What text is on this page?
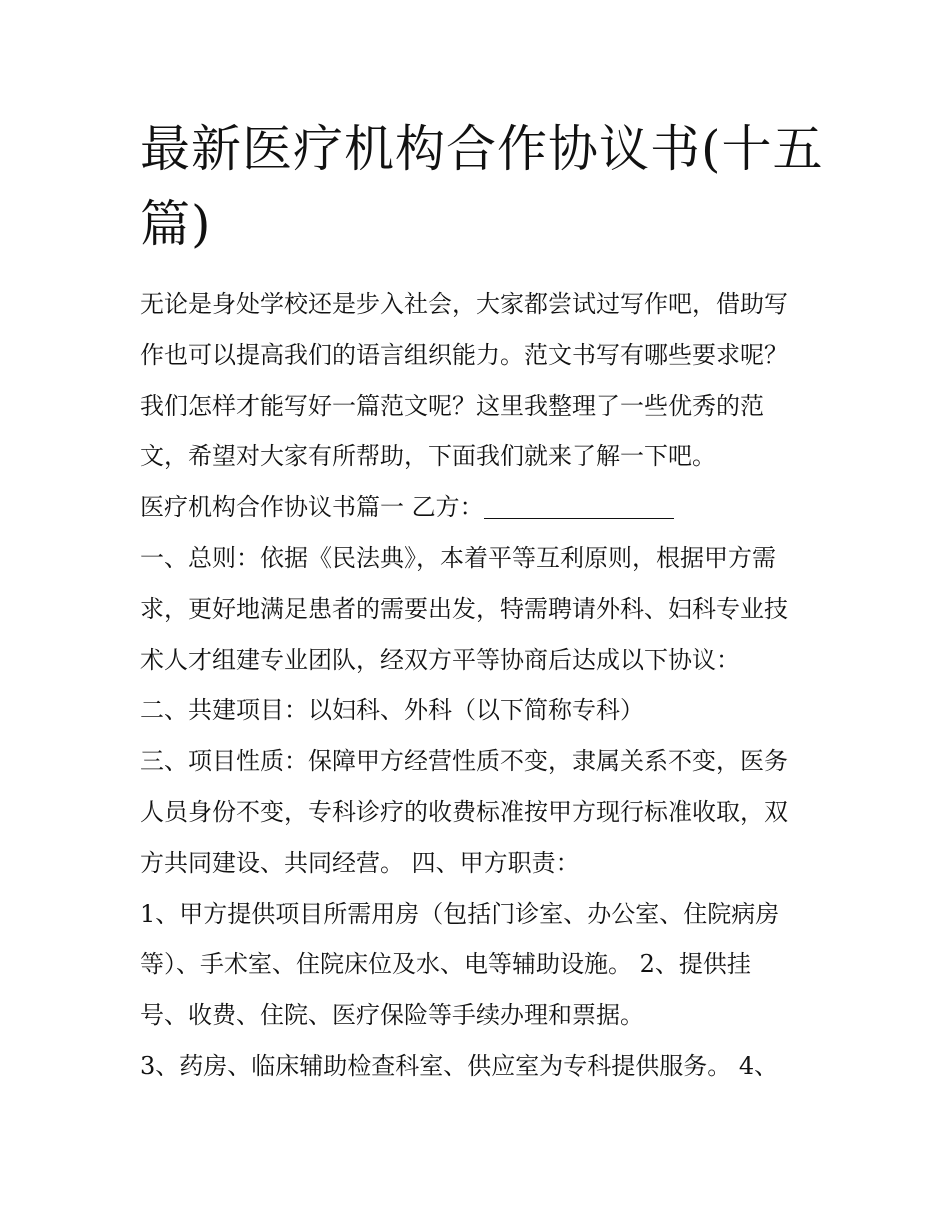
最新医疗机构合作协议书(十五
篇)
无论是身处学校还是步入社会，大家都尝试过写作吧，借助写
作也可以提高我们的语言组织能力。范文书写有哪些要求呢？
我们怎样才能写好一篇范文呢？这里我整理了一些优秀的范
文，希望对大家有所帮助，下面我们就来了解一下吧。
医疗机构合作协议书篇一 乙方：
一、总则：依据《民法典》，本着平等互利原则，根据甲方需
求，更好地满足患者的需要出发，特需聘请外科、妇科专业技
术人才组建专业团队，经双方平等协商后达成以下协议：
二、共建项目：以妇科、外科（以下简称专科）
三、项目性质：保障甲方经营性质不变，隶属关系不变，医务
人员身份不变，专科诊疗的收费标准按甲方现行标准收取，双
方共同建设、共同经营。 四、甲方职责：
1、甲方提供项目所需用房（包括门诊室、办公室、住院病房
等）、手术室、住院床位及水、电等辅助设施。 2、提供挂
号、收费、住院、医疗保险等手续办理和票据。
3、药房、临床辅助检查科室、供应室为专科提供服务。 4、
